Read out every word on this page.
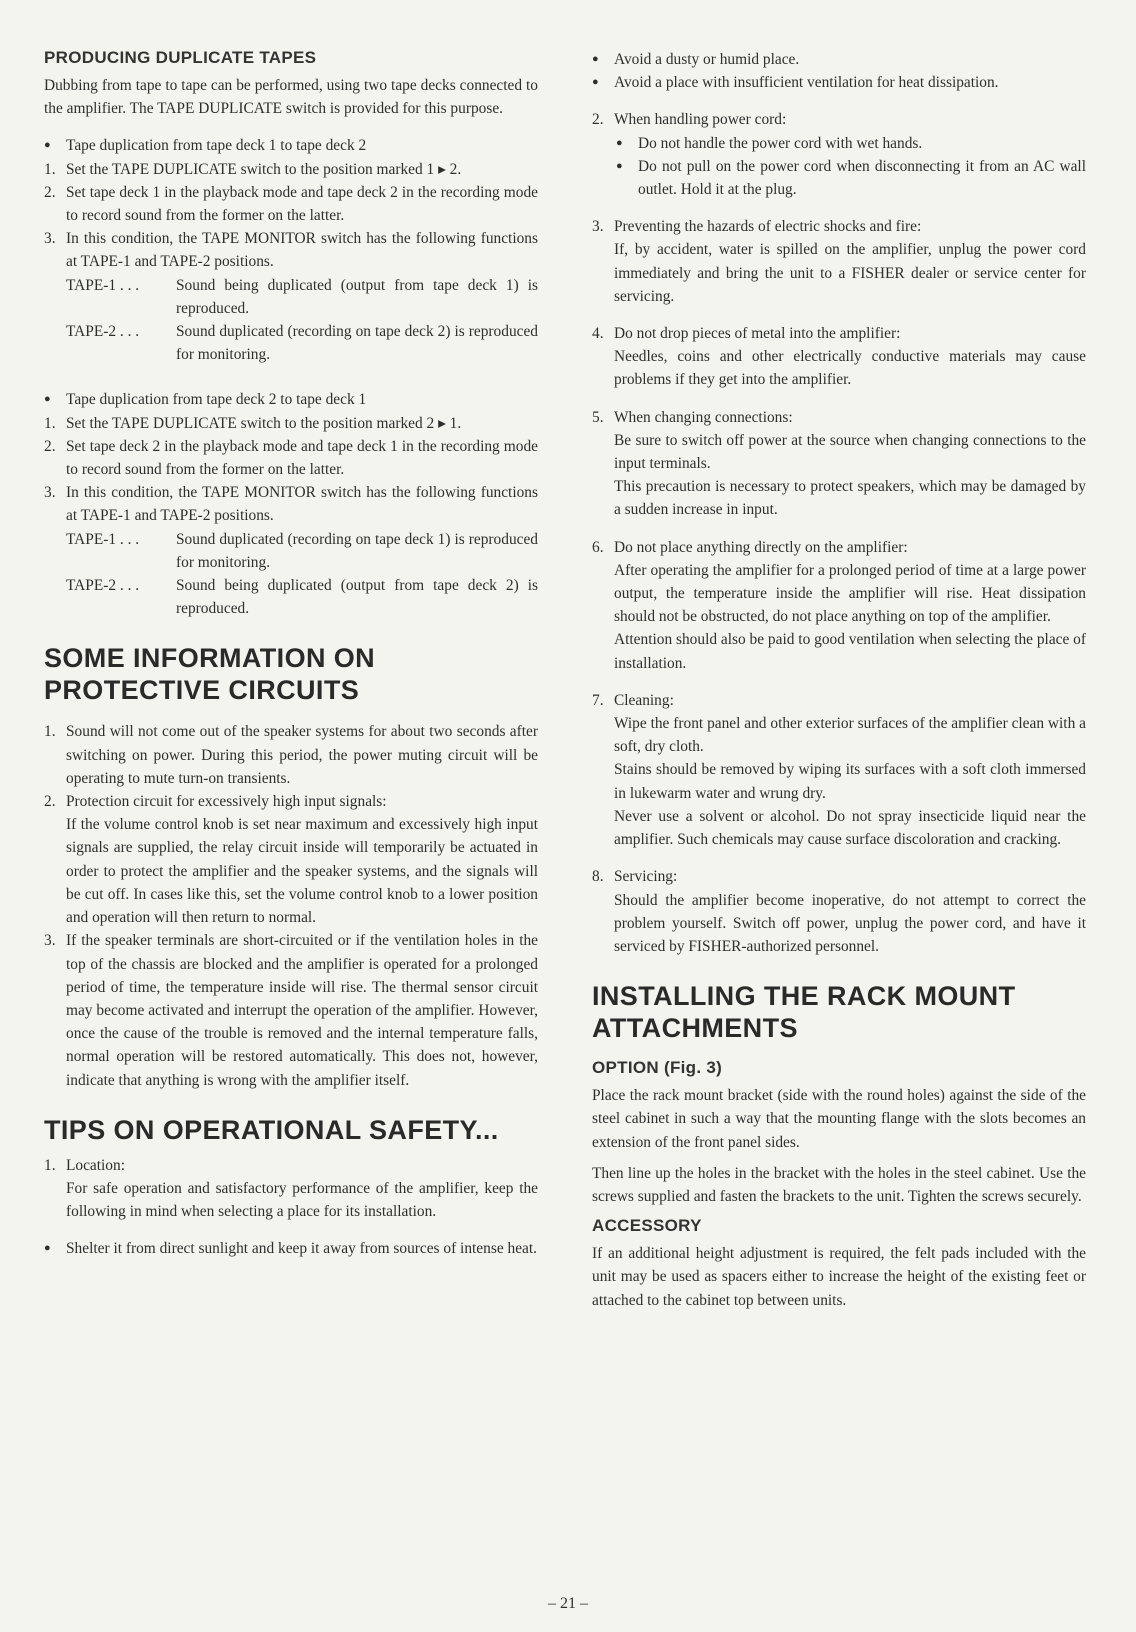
PRODUCING DUPLICATE TAPES

Dubbing from tape to tape can be performed, using two tape decks connected to the amplifier. The TAPE DUPLICATE switch is provided for this purpose.

● Tape duplication from tape deck 1 to tape deck 2

1. Set the TAPE DUPLICATE switch to the position marked 1 ▸ 2.

2. Set tape deck 1 in the playback mode and tape deck 2 in the recording mode to record sound from the former on the latter.

3. In this condition, the TAPE MONITOR switch has the following functions at TAPE-1 and TAPE-2 positions.

TAPE-1 . . .	Sound being duplicated (output from tape deck 1) is reproduced.
TAPE-2 . . .	Sound duplicated (recording on tape deck 2) is reproduced for monitoring.

● Tape duplication from tape deck 2 to tape deck 1

1. Set the TAPE DUPLICATE switch to the position marked 2 ▸ 1.

2. Set tape deck 2 in the playback mode and tape deck 1 in the recording mode to record sound from the former on the latter.

3. In this condition, the TAPE MONITOR switch has the following functions at TAPE-1 and TAPE-2 positions.

TAPE-1 . . .	Sound duplicated (recording on tape deck 1) is reproduced for monitoring.
TAPE-2 . . .	Sound being duplicated (output from tape deck 2) is reproduced.
SOME INFORMATION ON
PROTECTIVE CIRCUITS

1. Sound will not come out of the speaker systems for about two seconds after switching on power. During this period, the power muting circuit will be operating to mute turn-on transients.

2. Protection circuit for excessively high input signals:

If the volume control knob is set near maximum and excessively high input signals are supplied, the relay circuit inside will temporarily be actuated in order to protect the amplifier and the speaker systems, and the signals will be cut off. In cases like this, set the volume control knob to a lower position and operation will then return to normal.

3. If the speaker terminals are short-circuited or if the ventilation holes in the top of the chassis are blocked and the amplifier is operated for a prolonged period of time, the temperature inside will rise. The thermal sensor circuit may become activated and interrupt the operation of the amplifier. However, once the cause of the trouble is removed and the internal temperature falls, normal operation will be restored automatically. This does not, however, indicate that anything is wrong with the amplifier itself.

TIPS ON OPERATIONAL SAFETY...

1. Location:

For safe operation and satisfactory performance of the amplifier, keep the following in mind when selecting a place for its installation.

● Shelter it from direct sunlight and keep it away from sources of intense heat.

● Avoid a dusty or humid place.

● Avoid a place with insufficient ventilation for heat dissipation.

2. When handling power cord:

● Do not handle the power cord with wet hands.

● Do not pull on the power cord when disconnecting it from an AC wall outlet. Hold it at the plug.

3. Preventing the hazards of electric shocks and fire:

If, by accident, water is spilled on the amplifier, unplug the power cord immediately and bring the unit to a FISHER dealer or service center for servicing.

4. Do not drop pieces of metal into the amplifier:

Needles, coins and other electrically conductive materials may cause problems if they get into the amplifier.

5. When changing connections:

Be sure to switch off power at the source when changing connections to the input terminals.

This precaution is necessary to protect speakers, which may be damaged by a sudden increase in input.

6. Do not place anything directly on the amplifier:

After operating the amplifier for a prolonged period of time at a large power output, the temperature inside the amplifier will rise. Heat dissipation should not be obstructed, do not place anything on top of the amplifier.

Attention should also be paid to good ventilation when selecting the place of installation.

7. Cleaning:

Wipe the front panel and other exterior surfaces of the amplifier clean with a soft, dry cloth.

Stains should be removed by wiping its surfaces with a soft cloth immersed in lukewarm water and wrung dry.

Never use a solvent or alcohol. Do not spray insecticide liquid near the amplifier. Such chemicals may cause surface discoloration and cracking.

8. Servicing:

Should the amplifier become inoperative, do not attempt to correct the problem yourself. Switch off power, unplug the power cord, and have it serviced by FISHER-authorized personnel.

INSTALLING THE RACK MOUNT
ATTACHMENTS
OPTION (Fig. 3)

Place the rack mount bracket (side with the round holes) against the side of the steel cabinet in such a way that the mounting flange with the slots becomes an extension of the front panel sides.

Then line up the holes in the bracket with the holes in the steel cabinet. Use the screws supplied and fasten the brackets to the unit. Tighten the screws securely.

ACCESSORY

If an additional height adjustment is required, the felt pads included with the unit may be used as spacers either to increase the height of the existing feet or attached to the cabinet top between units.

– 21 –
